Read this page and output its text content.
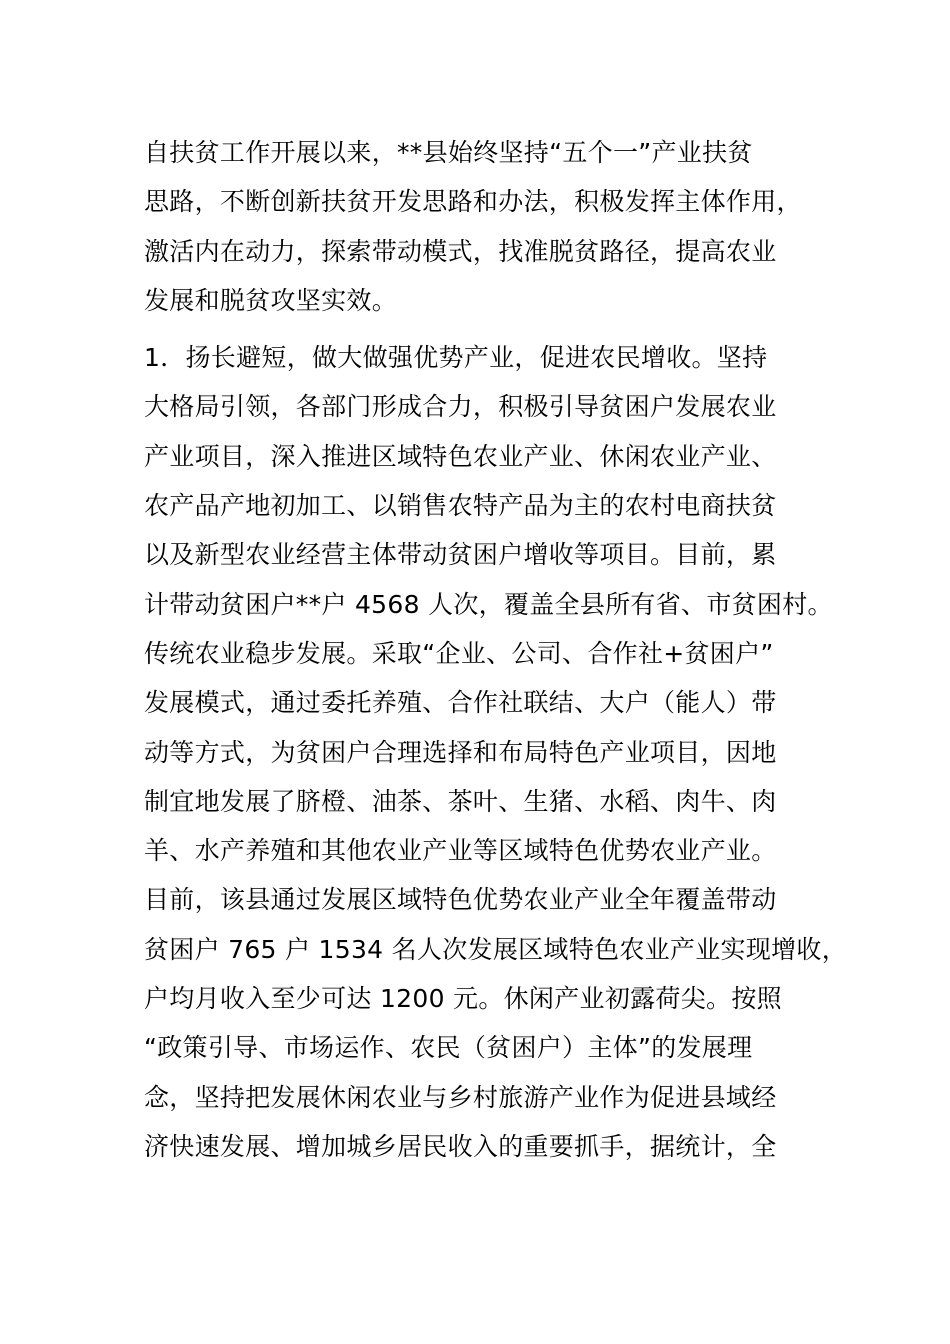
自扶贫工作开展以来，**县始终坚持“五个一”产业扶贫

思路，不断创新扶贫开发思路和办法，积极发挥主体作用，

激活内在动力，探索带动模式，找准脱贫路径，提高农业

发展和脱贫攻坚实效。

1．扬长避短，做大做强优势产业，促进农民增收。坚持

大格局引领，各部门形成合力，积极引导贫困户发展农业

产业项目，深入推进区域特色农业产业、休闲农业产业、

农产品产地初加工、以销售农特产品为主的农村电商扶贫

以及新型农业经营主体带动贫困户增收等项目。目前，累

计带动贫困户**户 4568 人次，覆盖全县所有省、市贫困村。

传统农业稳步发展。采取“企业、公司、合作社+贫困户”

发展模式，通过委托养殖、合作社联结、大户（能人）带

动等方式，为贫困户合理选择和布局特色产业项目，因地

制宜地发展了脐橙、油茶、茶叶、生猪、水稻、肉牛、肉

羊、水产养殖和其他农业产业等区域特色优势农业产业。

目前，该县通过发展区域特色优势农业产业全年覆盖带动

贫困户 765 户 1534 名人次发展区域特色农业产业实现增收，

户均月收入至少可达 1200 元。休闲产业初露荷尖。按照

“政策引导、市场运作、农民（贫困户）主体”的发展理

念，坚持把发展休闲农业与乡村旅游产业作为促进县域经

济快速发展、增加城乡居民收入的重要抓手，据统计，全
